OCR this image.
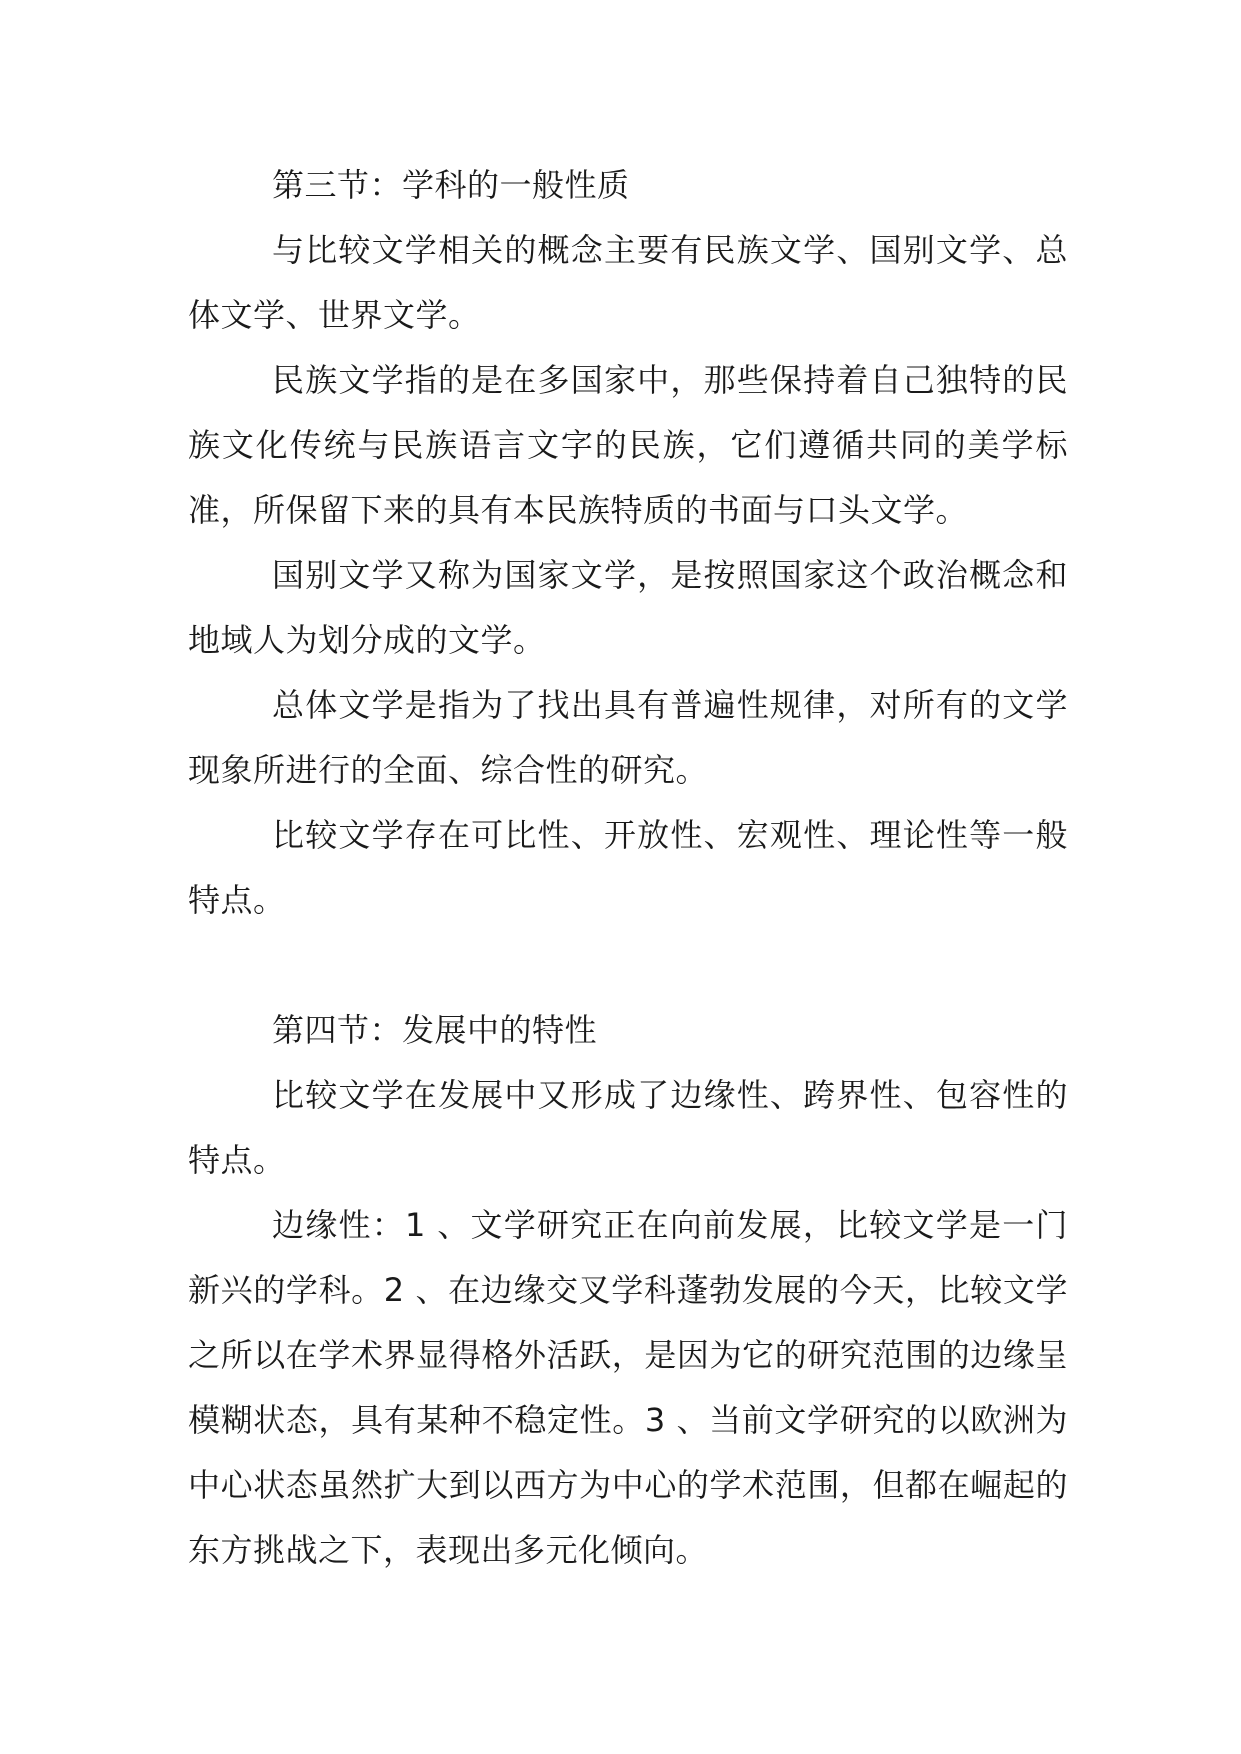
第三节：学科的一般性质

与比较文学相关的概念主要有民族文学、国别文学、总体文学、世界文学。

民族文学指的是在多国家中，那些保持着自己独特的民族文化传统与民族语言文字的民族，它们遵循共同的美学标准，所保留下来的具有本民族特质的书面与口头文学。

国别文学又称为国家文学，是按照国家这个政治概念和地域人为划分成的文学。

总体文学是指为了找出具有普遍性规律，对所有的文学现象所进行的全面、综合性的研究。

比较文学存在可比性、开放性、宏观性、理论性等一般特点。

第四节：发展中的特性

比较文学在发展中又形成了边缘性、跨界性、包容性的特点。

边缘性：1 、文学研究正在向前发展，比较文学是一门新兴的学科。2 、在边缘交叉学科蓬勃发展的今天，比较文学之所以在学术界显得格外活跃，是因为它的研究范围的边缘呈模糊状态，具有某种不稳定性。3 、当前文学研究的以欧洲为中心状态虽然扩大到以西方为中心的学术范围，但都在崛起的东方挑战之下，表现出多元化倾向。
